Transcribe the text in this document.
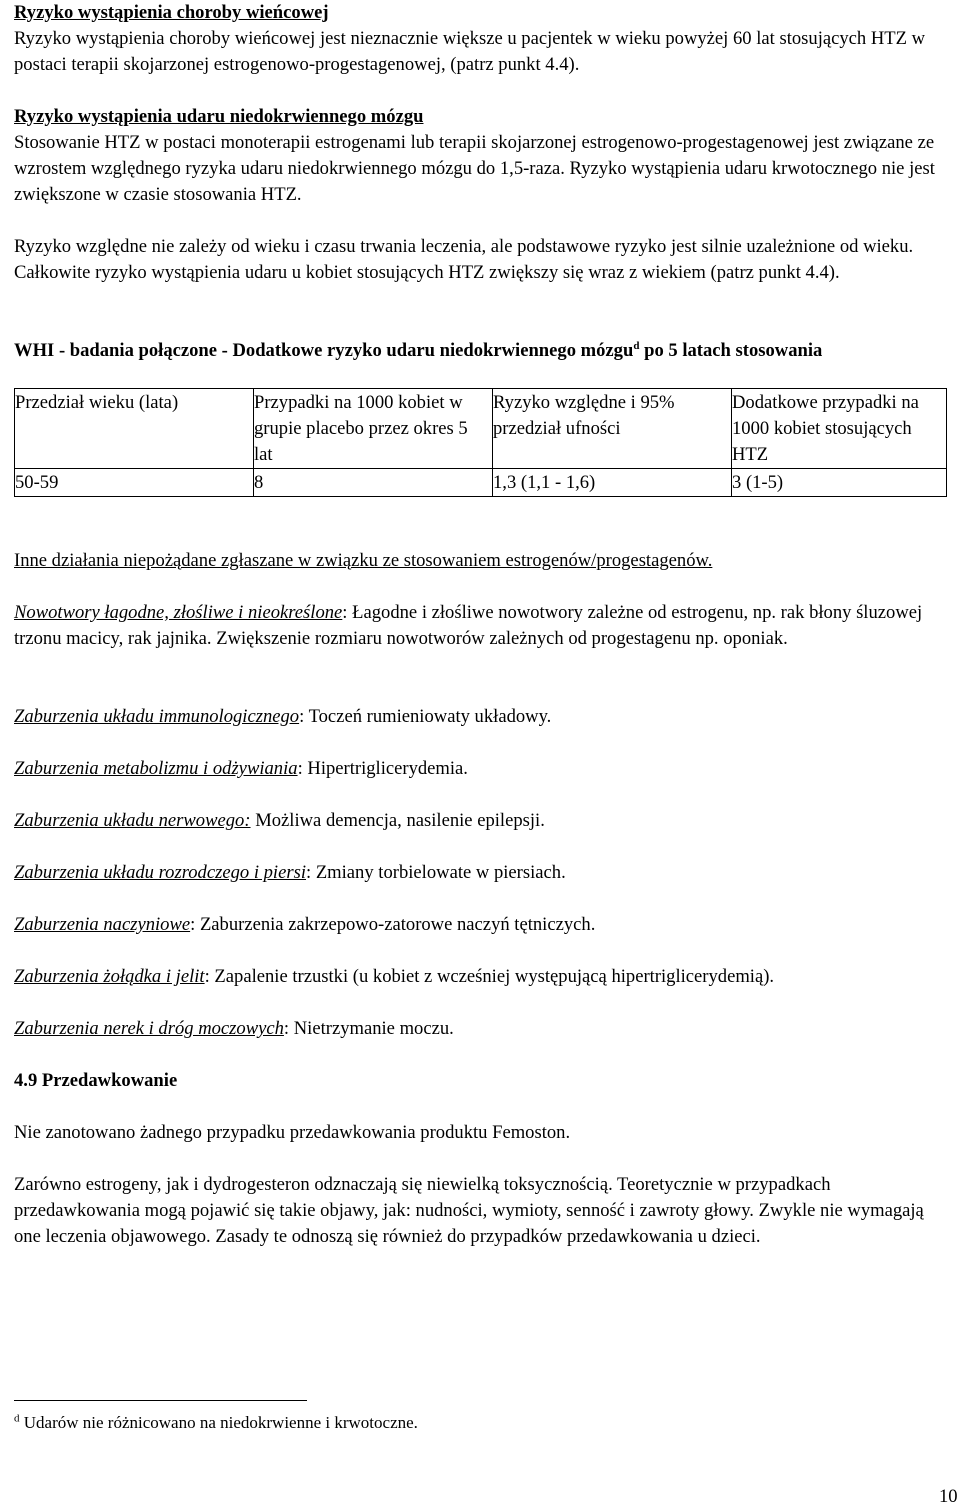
Ryzyko wystąpienia choroby wieńcowej

Ryzyko wystąpienia choroby wieńcowej jest nieznacznie większe u pacjentek w wieku powyżej 60 lat stosujących HTZ w postaci terapii skojarzonej estrogenowo-progestagenowej, (patrz punkt 4.4).

Ryzyko wystąpienia udaru niedokrwiennego mózgu

Stosowanie HTZ w postaci monoterapii estrogenami lub terapii skojarzonej estrogenowo-progestagenowej jest związane ze wzrostem względnego ryzyka udaru niedokrwiennego mózgu do 1,5-raza. Ryzyko wystąpienia udaru krwotocznego nie jest zwiększone w czasie stosowania HTZ.

Ryzyko względne nie zależy od wieku i czasu trwania leczenia, ale podstawowe ryzyko jest silnie uzależnione od wieku. Całkowite ryzyko wystąpienia udaru u kobiet stosujących HTZ zwiększy się wraz z wiekiem (patrz punkt 4.4).

WHI - badania połączone - Dodatkowe ryzyko udaru niedokrwiennego mózgu$^d$ po 5 latach stosowania
Przedział wieku (lata)	Przypadki na 1000 kobiet w grupie placebo przez okres 5 lat	Ryzyko względne i 95% przedział ufności	Dodatkowe przypadki na 1000 kobiet stosujących HTZ
50-59	8	1,3 (1,1 - 1,6)	3 (1-5)

Inne działania niepożądane zgłaszane w związku ze stosowaniem estrogenów/progestagenów.

Nowotwory łagodne, złośliwe i nieokreślone: Łagodne i złośliwe nowotwory zależne od estrogenu, np. rak błony śluzowej trzonu macicy, rak jajnika. Zwiększenie rozmiaru nowotworów zależnych od progestagenu np. oponiak.

Zaburzenia układu immunologicznego: Toczeń rumieniowaty układowy.

Zaburzenia metabolizmu i odżywiania: Hipertriglicerydemia.

Zaburzenia układu nerwowego: Możliwa demencja, nasilenie epilepsji.

Zaburzenia układu rozrodczego i piersi: Zmiany torbielowate w piersiach.

Zaburzenia naczyniowe: Zaburzenia zakrzepowo-zatorowe naczyń tętniczych.

Zaburzenia żołądka i jelit: Zapalenie trzustki (u kobiet z wcześniej występującą hipertriglicerydemią).

Zaburzenia nerek i dróg moczowych: Nietrzymanie moczu.

4.9 Przedawkowanie

Nie zanotowano żadnego przypadku przedawkowania produktu Femoston.

Zarówno estrogeny, jak i dydrogesteron odznaczają się niewielką toksycznością. Teoretycznie w przypadkach przedawkowania mogą pojawić się takie objawy, jak: nudności, wymioty, senność i zawroty głowy. Zwykle nie wymagają one leczenia objawowego. Zasady te odnoszą się również do przypadków przedawkowania u dzieci.

$^d$ Udarów nie różnicowano na niedokrwienne i krwotoczne.
10
